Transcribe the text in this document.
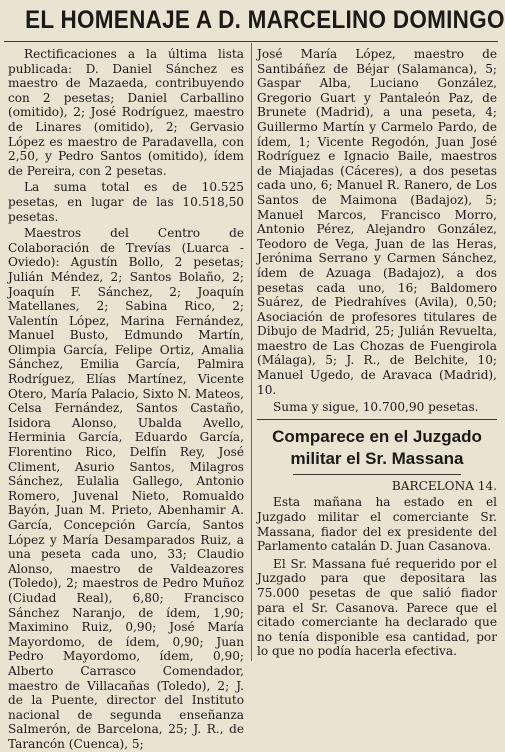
EL HOMENAJE A D. MARCELINO DOMINGO

Rectificaciones a la última lista publicada: D. Daniel Sánchez es maestro de Mazaeda, contribuyendo con 2 pesetas; Daniel Carballino (omitido), 2; José Rodríguez, maestro de Linares (omitido), 2; Gervasio López es maestro de Paradavella, con 2,50, y Pedro Santos (omitido), ídem de Pereira, con 2 pesetas.

La suma total es de 10.525 pesetas, en lugar de las 10.518,50 pesetas.

Maestros del Centro de Colaboración de Trevías (Luarca - Oviedo): Agustín Bollo, 2 pesetas; Julián Méndez, 2; Santos Bolaño, 2; Joaquín F. Sánchez, 2; Joaquín Matellanes, 2; Sabina Rico, 2; Valentín López, Marina Fernández, Manuel Busto, Edmundo Martín, Olimpia García, Felipe Ortiz, Amalia Sánchez, Emilia García, Palmira Rodríguez, Elías Martínez, Vicente Otero, María Palacio, Sixto N. Mateos, Celsa Fernández, Santos Castaño, Isidora Alonso, Ubalda Avello, Herminia García, Eduardo García, Florentino Rico, Delfín Rey, José Climent, Asurio Santos, Milagros Sánchez, Eulalia Gallego, Antonio Romero, Juvenal Nieto, Romualdo Bayón, Juan M. Prieto, Abenhamir A. García, Concepción García, Santos López y María Desamparados Ruiz, a una peseta cada uno, 33; Claudio Alonso, maestro de Valdeazores (Toledo), 2; maestros de Pedro Muñoz (Ciudad Real), 6,80; Francisco Sánchez Naranjo, de ídem, 1,90; Maximino Ruiz, 0,90; José María Mayordomo, de ídem, 0,90; Juan Pedro Mayordomo, ídem, 0,90; Alberto Carrasco Comendador, maestro de Villacañas (Toledo), 2; J. de la Puente, director del Instituto nacional de segunda enseñanza Salmerón, de Barcelona, 25; J. R., de Tarancón (Cuenca), 5;

José María López, maestro de Santibáñez de Béjar (Salamanca), 5; Gaspar Alba, Luciano González, Gregorio Guart y Pantaleón Paz, de Brunete (Madrid), a una peseta, 4; Guillermo Martín y Carmelo Pardo, de ídem, 1; Vicente Regodón, Juan José Rodríguez e Ignacio Baile, maestros de Miajadas (Cáceres), a dos pesetas cada uno, 6; Manuel R. Ranero, de Los Santos de Maimona (Badajoz), 5; Manuel Marcos, Francisco Morro, Antonio Pérez, Alejandro González, Teodoro de Vega, Juan de las Heras, Jerónima Serrano y Carmen Sánchez, ídem de Azuaga (Badajoz), a dos pesetas cada uno, 16; Baldomero Suárez, de Piedrahíves (Avila), 0,50; Asociación de profesores titulares de Dibujo de Madrid, 25; Julián Revuelta, maestro de Las Chozas de Fuengirola (Málaga), 5; J. R., de Belchite, 10; Manuel Ugedo, de Aravaca (Madrid), 10.

Suma y sigue, 10.700,90 pesetas.

Comparece en el Juzgado militar el Sr. Massana

BARCELONA 14.

Esta mañana ha estado en el Juzgado militar el comerciante Sr. Massana, fiador del ex presidente del Parlamento catalán D. Juan Casanova.

El Sr. Massana fué requerido por el Juzgado para que depositara las 75.000 pesetas de que salió fiador para el Sr. Casanova. Parece que el citado comerciante ha declarado que no tenía disponible esa cantidad, por lo que no podía hacerla efectiva.
